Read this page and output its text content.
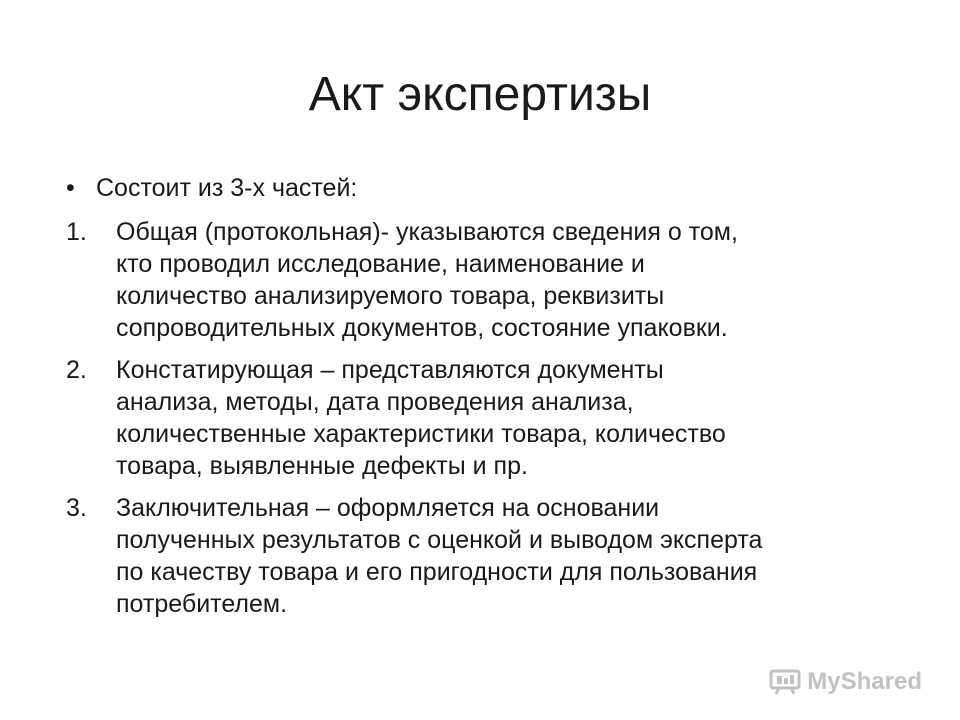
Акт экспертизы
• Состоит из 3-х частей:
1. Общая (протокольная)- указываются сведения о том,
кто проводил исследование, наименование и
количество анализируемого товара, реквизиты
сопроводительных документов, состояние упаковки.
2. Констатирующая – представляются документы
анализа, методы, дата проведения анализа,
количественные характеристики товара, количество
товара, выявленные дефекты и пр.
3. Заключительная – оформляется на основании
полученных результатов с оценкой и выводом эксперта
по качеству товара и его пригодности для пользования
потребителем.
MyShared
